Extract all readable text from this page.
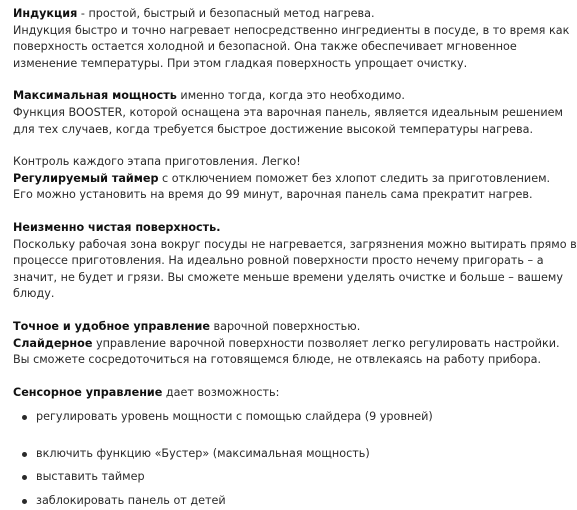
Индукция - простой, быстрый и безопасный метод нагрева.

Индукция быстро и точно нагревает непосредственно ингредиенты в посуде, в то время как

поверхность остается холодной и безопасной. Она также обеспечивает мгновенное

изменение температуры. При этом гладкая поверхность упрощает очистку.

Максимальная мощность именно тогда, когда это необходимо.

Функция BOOSTER, которой оснащена эта варочная панель, является идеальным решением

для тех случаев, когда требуется быстрое достижение высокой температуры нагрева.

Контроль каждого этапа приготовления. Легко!

Регулируемый таймер с отключением поможет без хлопот следить за приготовлением.

Его можно установить на время до 99 минут, варочная панель сама прекратит нагрев.

Неизменно чистая поверхность.

Поскольку рабочая зона вокруг посуды не нагревается, загрязнения можно вытирать прямо в

процессе приготовления. На идеально ровной поверхности просто нечему пригорать – а

значит, не будет и грязи. Вы сможете меньше времени уделять очистке и больше – вашему

блюду.

Точное и удобное управление варочной поверхностью.

Слайдерное управление варочной поверхности позволяет легко регулировать настройки.

Вы сможете сосредоточиться на готовящемся блюде, не отвлекаясь на работу прибора.

Сенсорное управление дает возможность:

регулировать уровень мощности с помощью слайдера (9 уровней)
включить функцию «Бустер» (максимальная мощность)
выставить таймер
заблокировать панель от детей
